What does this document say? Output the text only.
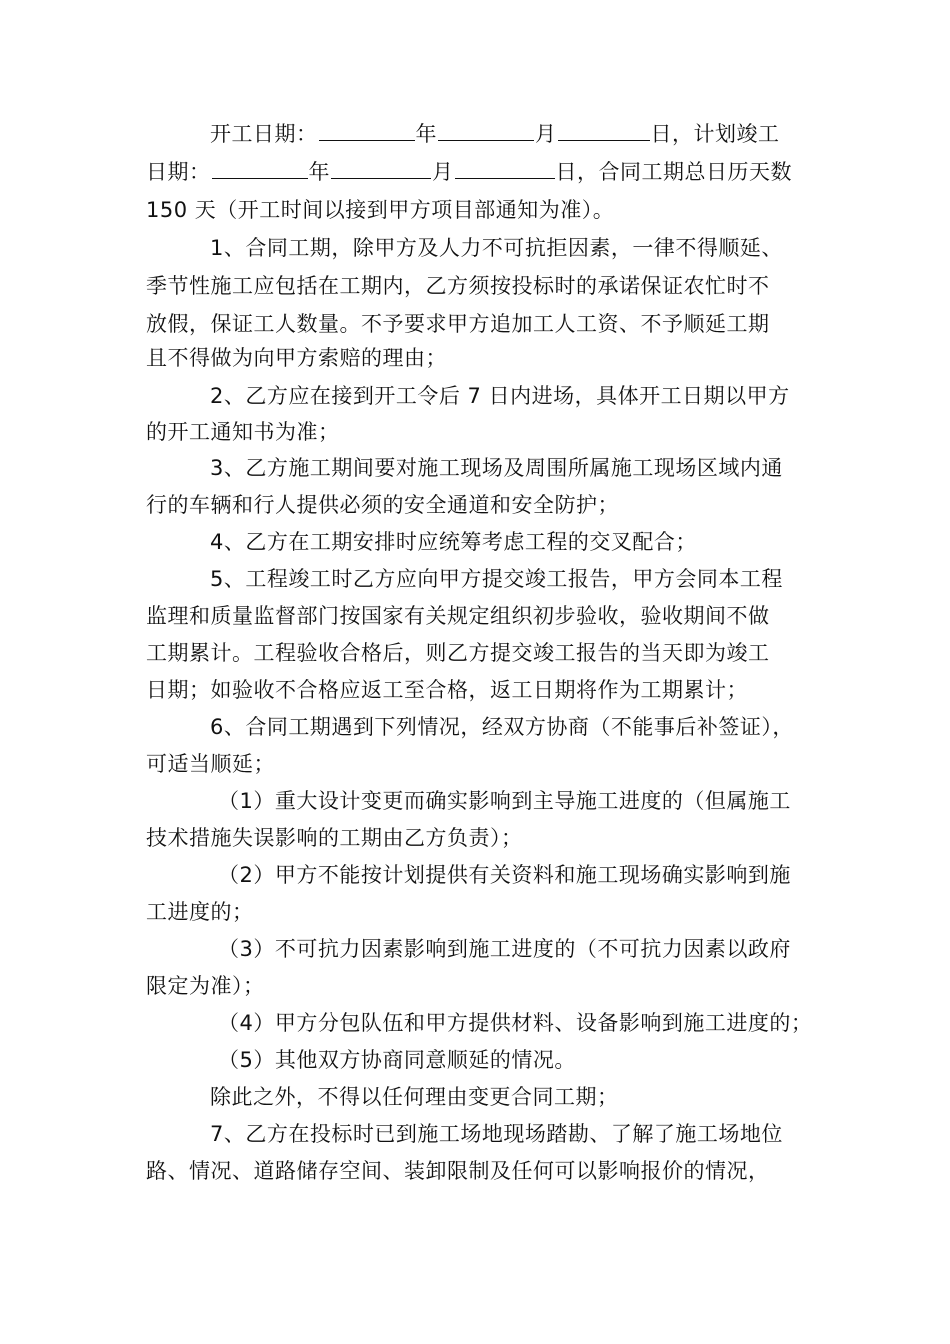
开工日期：	年	月	日，计划竣工
日期：	年	月	日，合同工期总日历天数
150 天（开工时间以接到甲方项目部通知为准）。
1、合同工期，除甲方及人力不可抗拒因素，一律不得顺延、
季节性施工应包括在工期内，乙方须按投标时的承诺保证农忙时不
放假，保证工人数量。不予要求甲方追加工人工资、不予顺延工期
且不得做为向甲方索赔的理由；
2、乙方应在接到开工令后 7 日内进场，具体开工日期以甲方
的开工通知书为准；
3、乙方施工期间要对施工现场及周围所属施工现场区域内通
行的车辆和行人提供必须的安全通道和安全防护；
4、乙方在工期安排时应统筹考虑工程的交叉配合；
5、工程竣工时乙方应向甲方提交竣工报告，甲方会同本工程
监理和质量监督部门按国家有关规定组织初步验收，验收期间不做
工期累计。工程验收合格后，则乙方提交竣工报告的当天即为竣工
日期；如验收不合格应返工至合格，返工日期将作为工期累计；
6、合同工期遇到下列情况，经双方协商（不能事后补签证），
可适当顺延；
（1）重大设计变更而确实影响到主导施工进度的（但属施工
技术措施失误影响的工期由乙方负责）；
（2）甲方不能按计划提供有关资料和施工现场确实影响到施
工进度的；
（3）不可抗力因素影响到施工进度的（不可抗力因素以政府
限定为准）；
（4）甲方分包队伍和甲方提供材料、设备影响到施工进度的；
（5）其他双方协商同意顺延的情况。
除此之外，不得以任何理由变更合同工期；
7、乙方在投标时已到施工场地现场踏勘、了解了施工场地位
路、情况、道路储存空间、装卸限制及任何可以影响报价的情况，
